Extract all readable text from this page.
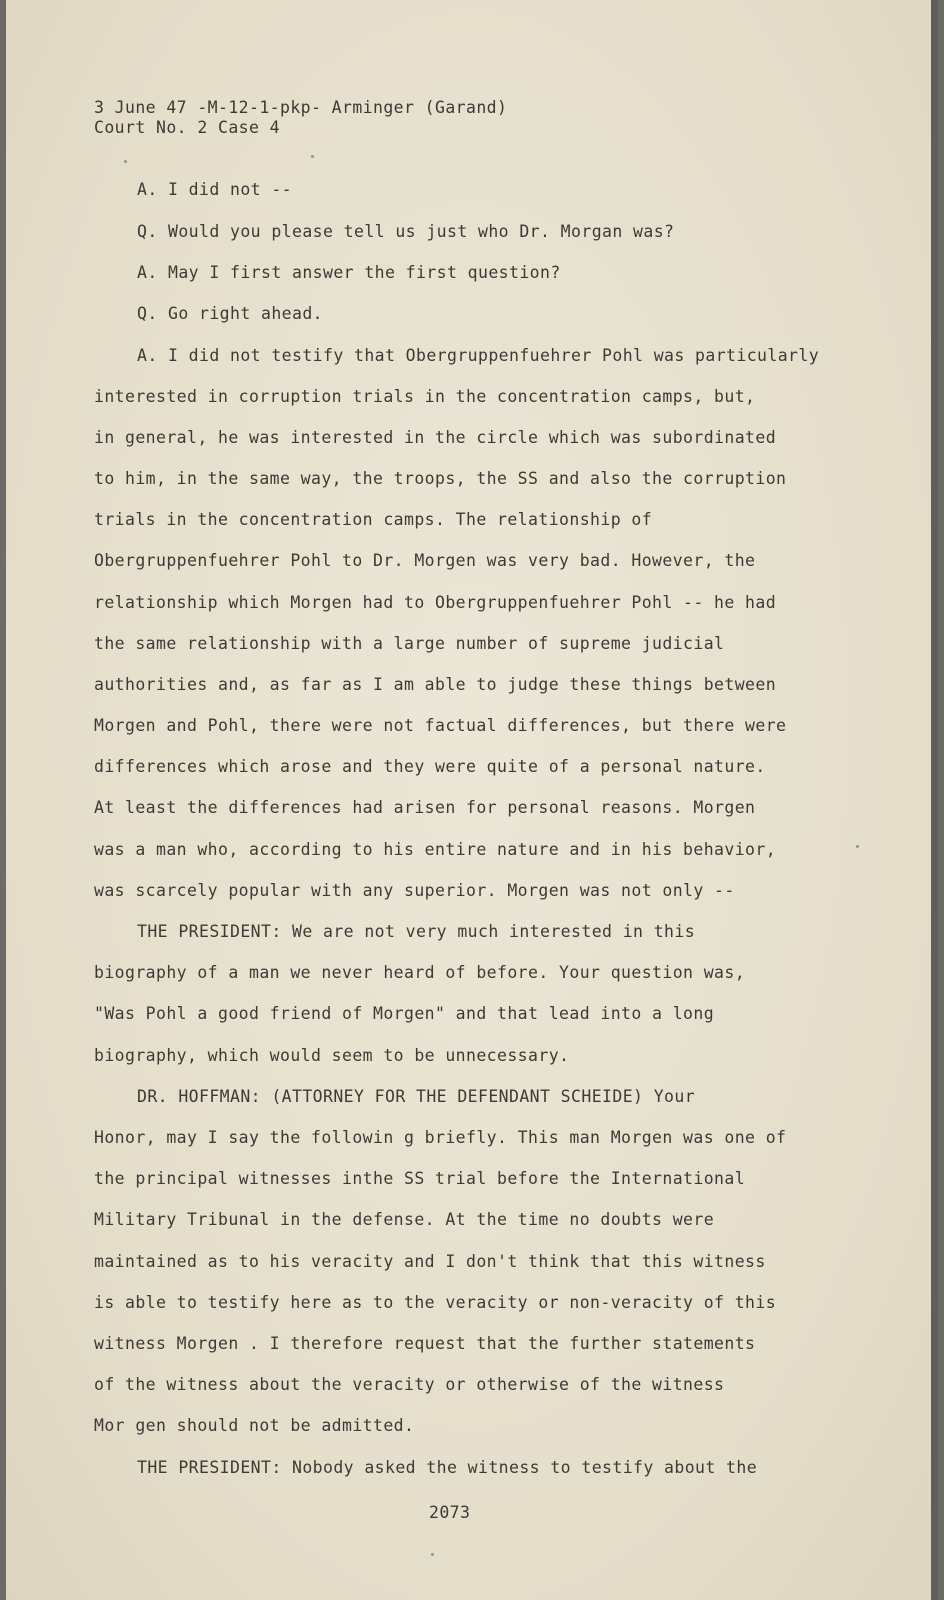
3 June 47 -M-12-1-pkp- Arminger (Garand)
Court No. 2 Case 4
A. I did not --
Q. Would you please tell us just who Dr. Morgan was?
A. May I first answer the first question?
Q. Go right ahead.
A. I did not testify that Obergruppenfuehrer Pohl was particularly
interested in corruption trials in the concentration camps, but,
in general, he was interested in the circle which was subordinated
to him, in the same way, the troops, the SS and also the corruption
trials in the concentration camps. The relationship of
Obergruppenfuehrer Pohl to Dr. Morgen was very bad. However, the
relationship which Morgen had to Obergruppenfuehrer Pohl -- he had
the same relationship with a large number of supreme judicial
authorities and, as far as I am able to judge these things between
Morgen and Pohl, there were not factual differences, but there were
differences which arose and they were quite of a personal nature.
At least the differences had arisen for personal reasons. Morgen
was a man who, according to his entire nature and in his behavior,
was scarcely popular with any superior. Morgen was not only --
THE PRESIDENT: We are not very much interested in this
biography of a man we never heard of before. Your question was,
"Was Pohl a good friend of Morgen" and that lead into a long
biography, which would seem to be unnecessary.
DR. HOFFMAN: (ATTORNEY FOR THE DEFENDANT SCHEIDE) Your
Honor, may I say the followin g briefly. This man Morgen was one of
the principal witnesses inthe SS trial before the International
Military Tribunal in the defense. At the time no doubts were
maintained as to his veracity and I don't think that this witness
is able to testify here as to the veracity or non-veracity of this
witness Morgen . I therefore request that the further statements
of the witness about the veracity or otherwise of the witness
Mor gen should not be admitted.
THE PRESIDENT: Nobody asked the witness to testify about the
2073
